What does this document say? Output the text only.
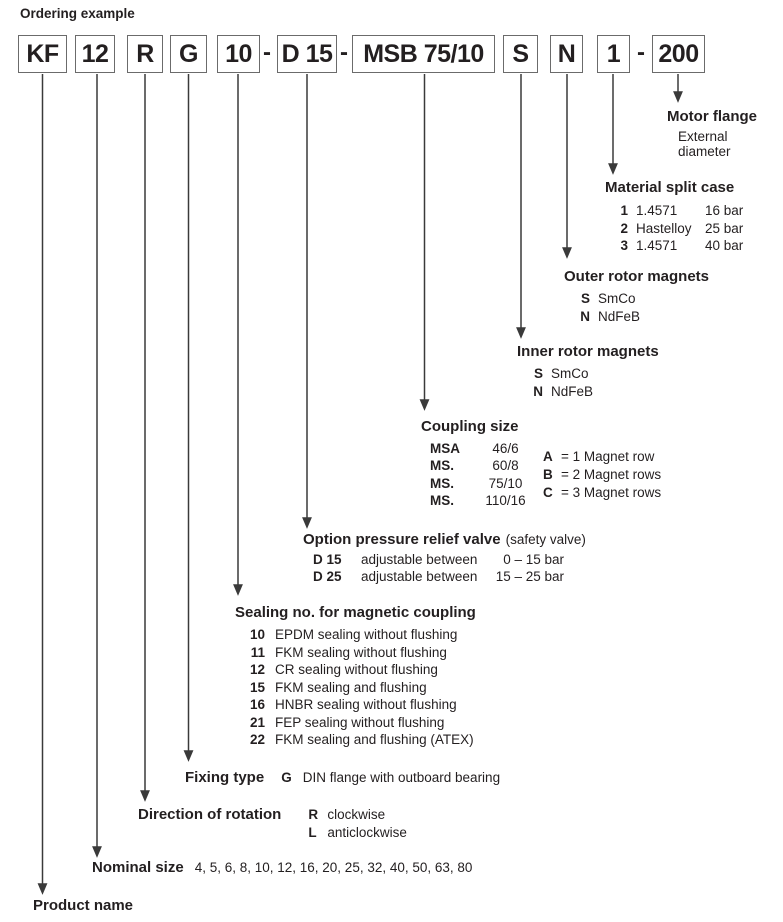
Ordering example
KF 12	R	G	10 - D 15 - MSB 75/10	S	N	1 - 200
Motor flange
External
diameter
Material split case
1 1.4571	16 bar
2 Hastelloy 25 bar
3 1.4571	40 bar
Outer rotor magnets
S SmCo
N NdFeB
Inner rotor magnets
S SmCo
N NdFeB
Coupling size
MSA	46/6
MS.	60/8
MS.	75/10
MS.	110/16
A = 1 Magnet row
B = 2 Magnet rows
C = 3 Magnet rows
Option pressure relief valve (safety valve)
D 15	adjustable between	0 – 15 bar
D 25	adjustable between	15 – 25 bar
Sealing no. for magnetic coupling
10 EPDM sealing without flushing
11 FKM sealing without flushing
12 CR sealing without flushing
15 FKM sealing and flushing
16 HNBR sealing without flushing
21 FEP sealing without flushing
22 FKM sealing and flushing (ATEX)
Fixing type G DIN flange with outboard bearing
Direction of rotation R clockwise
L anticlockwise
Nominal size 4, 5, 6, 8, 10, 12, 16, 20, 25, 32, 40, 50, 63, 80
Product name
